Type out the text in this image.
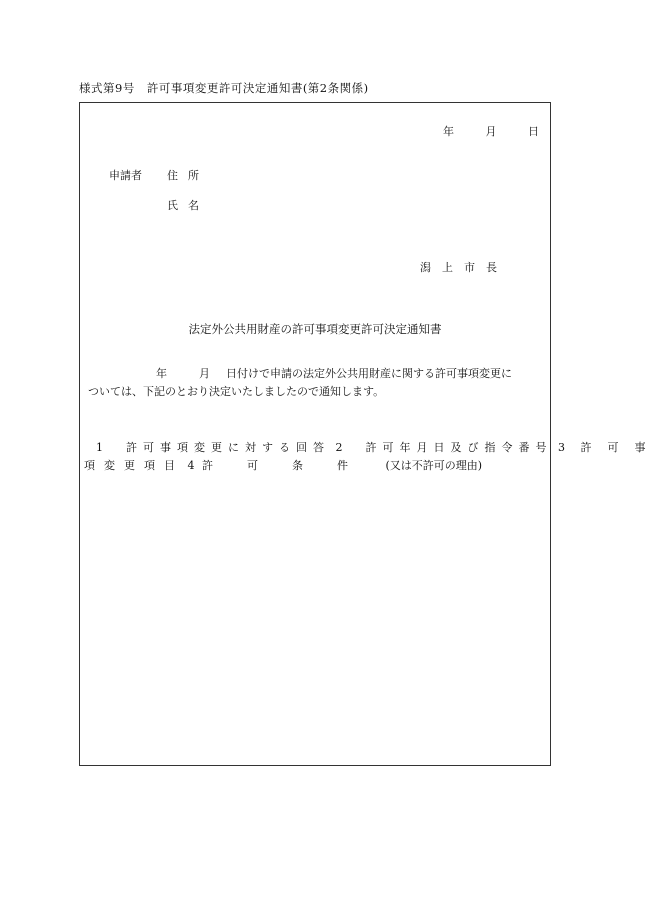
様式第9号　許可事項変更許可決定通知書(第2条関係)
年	月	日
申請者 住所
氏名
潟上市長
法定外公共用財産の許可事項変更許可決定通知書
年	月 日付けで申請の法定外公共用財産に関する許可事項変更に
ついては、下記のとおり決定いたしましたので通知します。
1　許可事項変更に対する回答 2　許可年月日及び指令番号 3 許可事
項変更項目 4 許可条件 (又は不許可の理由)
